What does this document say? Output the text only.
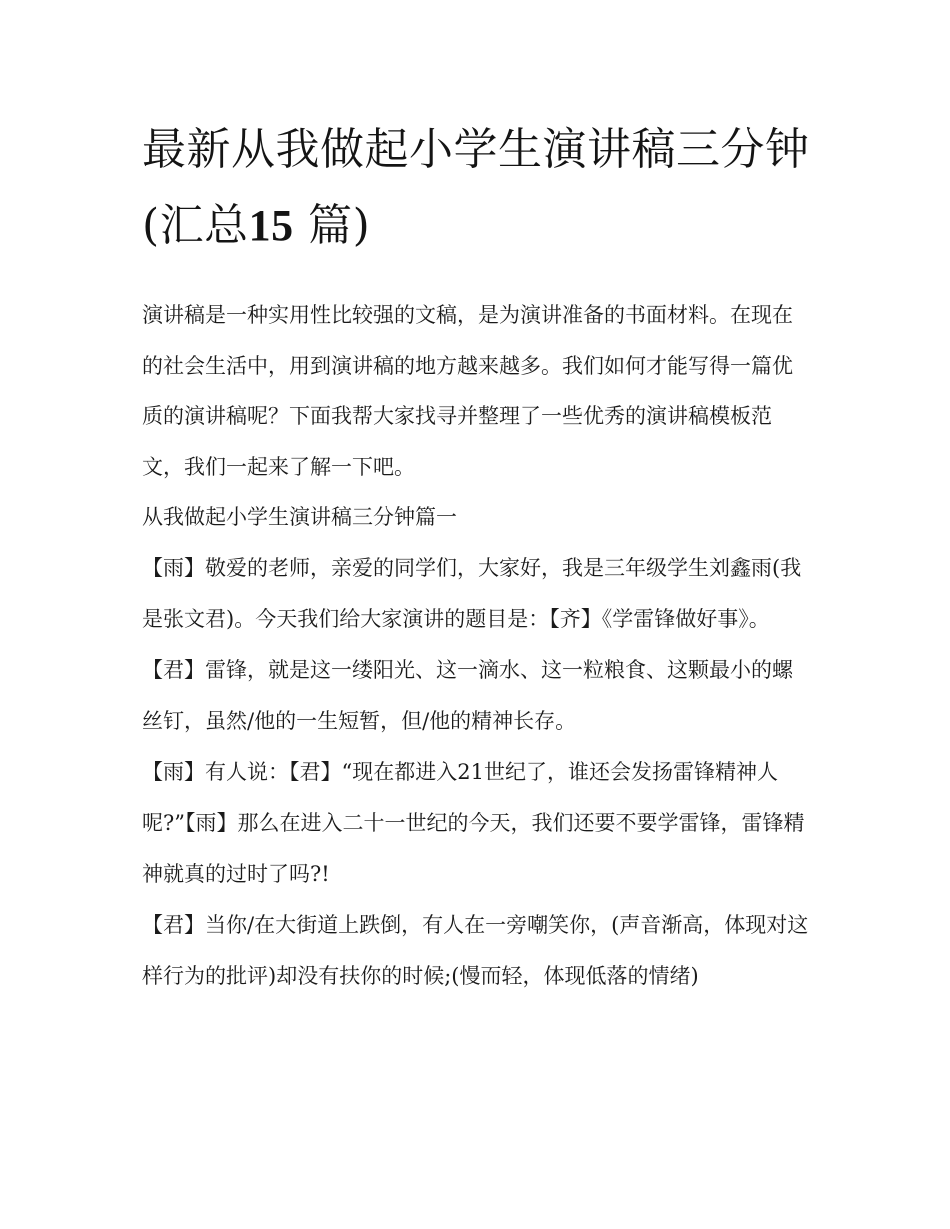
最新从我做起小学生演讲稿三分钟(汇总15 篇)

演讲稿是一种实用性比较强的文稿，是为演讲准备的书面材料。在现在的社会生活中，用到演讲稿的地方越来越多。我们如何才能写得一篇优质的演讲稿呢？下面我帮大家找寻并整理了一些优秀的演讲稿模板范文，我们一起来了解一下吧。

从我做起小学生演讲稿三分钟篇一

【雨】敬爱的老师，亲爱的同学们，大家好，我是三年级学生刘鑫雨(我是张文君)。今天我们给大家演讲的题目是：【齐】《学雷锋做好事》。

【君】雷锋，就是这一缕阳光、这一滴水、这一粒粮食、这颗最小的螺丝钉，虽然/他的一生短暂，但/他的精神长存。

【雨】有人说：【君】“现在都进入21世纪了，谁还会发扬雷锋精神人呢?”【雨】那么在进入二十一世纪的今天，我们还要不要学雷锋，雷锋精神就真的过时了吗?!

【君】当你/在大街道上跌倒，有人在一旁嘲笑你，(声音渐高，体现对这样行为的批评)却没有扶你的时候;(慢而轻，体现低落的情绪)
